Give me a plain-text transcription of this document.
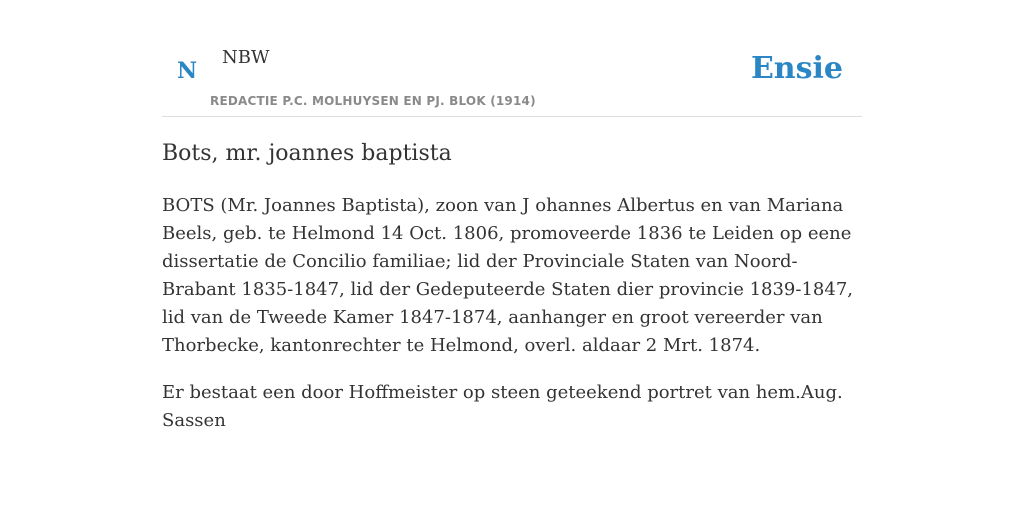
N
NBW
REDACTIE P.C. MOLHUYSEN EN PJ. BLOK (1914)
Ensie
Bots, mr. joannes baptista

BOTS (Mr. Joannes Baptista), zoon van J ohannes Albertus en van Mariana Beels, geb. te Helmond 14 Oct. 1806, promoveerde 1836 te Leiden op eene dissertatie de Concilio familiae; lid der Provinciale Staten van Noord-Brabant 1835-1847, lid der Gedeputeerde Staten dier provincie 1839-1847, lid van de Tweede Kamer 1847-1874, aanhanger en groot vereerder van Thorbecke, kantonrechter te Helmond, overl. aldaar 2 Mrt. 1874.

Er bestaat een door Hoffmeister op steen geteekend portret van hem.Aug. Sassen
